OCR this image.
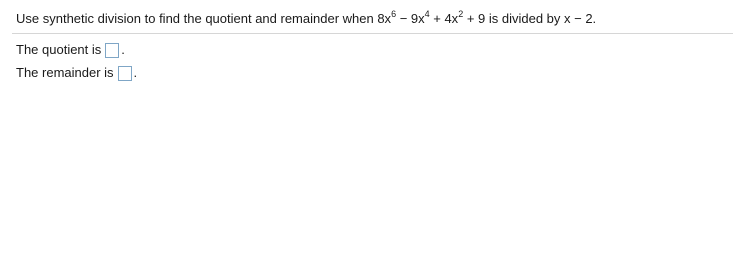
Use synthetic division to find the quotient and remainder when $8x^6 - 9x^4 + 4x^2 + 9$ is divided by x − 2.
The quotient is .
The remainder is .
